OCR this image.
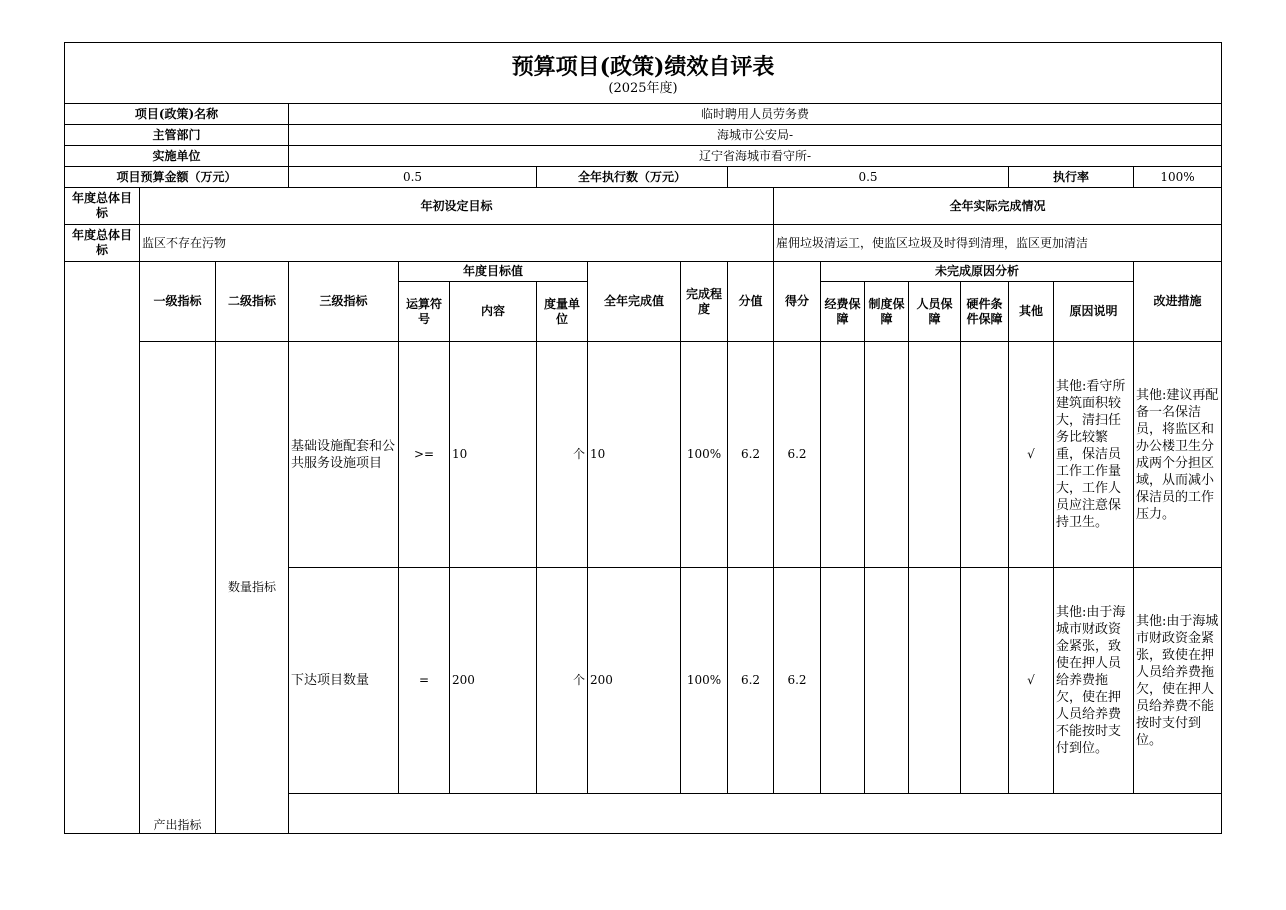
预算项目(政策)绩效自评表
(2025年度)																	

项目(政策)名称			临时聘用人员劳务费														
主管部门			海城市公安局-														
实施单位			辽宁省海城市看守所-														
项目预算金额（万元）			0.5			全年执行数（万元）			0.5						执行率		100%
年度总体目标	年初设定目标									全年实际完成情况							
年度总体目标	监区不存在污物									雇佣垃圾清运工，使监区垃圾及时得到清理，监区更加清洁							
	一级指标	二级指标	三级指标	年度目标值			全年完成值	完成程度	分值	得分	未完成原因分析						改进措施
				运算符号	内容	度量单位					经费保障	制度保障	人员保障	硬件条件保障	其他	原因说明	
	产出指标	数量指标	基础设施配套和公共服务设施项目	>=	10	个	10	100%	6.2	6.2					√	其他:看守所建筑面积较大，清扫任务比较繁重，保洁员工作工作量大，工作人员应注意保持卫生。	其他:建议再配备一名保洁员，将监区和办公楼卫生分成两个分担区域，从而减小保洁员的工作压力。
			下达项目数量	=	200	个	200	100%	6.2	6.2					√	其他:由于海城市财政资金紧张，致使在押人员给养费拖欠，使在押人员给养费不能按时支付到位。	其他:由于海城市财政资金紧张，致使在押人员给养费拖欠，使在押人员给养费不能按时支付到位。
